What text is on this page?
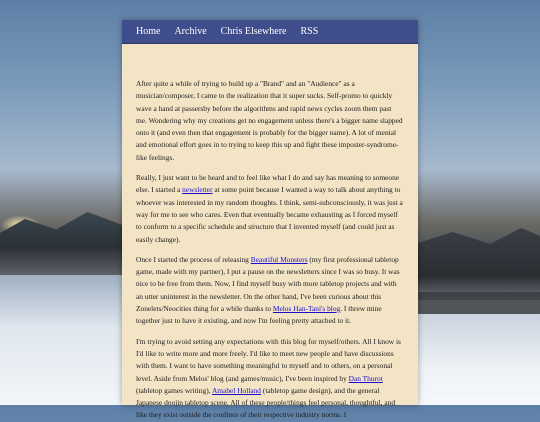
Home Archive Chris Elsewhere RSS

After quite a while of trying to build up a "Brand" and an "Audience" as a musician/composer, I came to the realization that it super sucks. Self-promo to quickly wave a hand at passersby before the algorithms and rapid news cycles zoom them past me. Wondering why my creations get no engagement unless there's a bigger name slapped onto it (and even then that engagement is probably for the bigger name). A lot of mental and emotional effort goes in to trying to keep this up and fight these imposter-syndrome-like feelings.

Really, I just want to be heard and to feel like what I do and say has meaning to someone else. I started a newsletter at some point because I wanted a way to talk about anything to whoever was interested in my random thoughts. I think, semi-subconsciously, it was just a way for me to see who cares. Even that eventually became exhausting as I forced myself to conform to a specific schedule and structure that I invented myself (and could just as easily change).

Once I started the process of releasing Beautiful Monsters (my first professional tabletop game, made with my partner), I put a pause on the newsletters since I was so busy. It was nice to be free from them. Now, I find myself busy with more tabletop projects and with an utter uninterest in the newsletter. On the other hand, I've been curious about this Zonelets/Neocities thing for a while thanks to Melos Han-Tani's blog. I threw mine together just to have it existing, and now I'm feeling pretty attached to it.

I'm trying to avoid setting any expectations with this blog for myself/others. All I know is I'd like to write more and more freely. I'd like to meet new people and have discussions with them. I want to have something meaningful to myself and to others, on a personal level. Aside from Melos' blog (and games/music), I've been inspired by Dan Thurot (tabletop games writing), Amabel Holland (tabletop game design), and the general Japanese doujin tabletop scene. All of these people/things feel personal, thoughtful, and like they exist outside the confines of their respective industry norms. I
